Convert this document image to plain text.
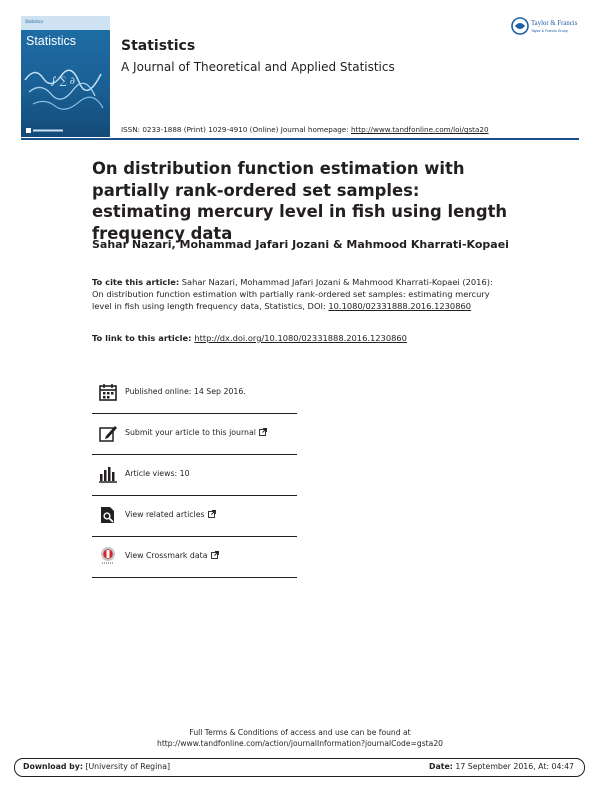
Statistics
Statistics
∫ ∑ ∂
Statistics
A Journal of Theoretical and Applied Statistics
Taylor & Francis
Taylor & Francis Group
ISSN: 0233-1888 (Print) 1029-4910 (Online) Journal homepage: http://www.tandfonline.com/loi/gsta20
On distribution function estimation with partially rank-ordered set samples: estimating mercury level in fish using length frequency data
Sahar Nazari, Mohammad Jafari Jozani & Mahmood Kharrati-Kopaei
To cite this article: Sahar Nazari, Mohammad Jafari Jozani & Mahmood Kharrati-Kopaei (2016): On distribution function estimation with partially rank-ordered set samples: estimating mercury level in fish using length frequency data, Statistics, DOI: 10.1080/02331888.2016.1230860
To link to this article: http://dx.doi.org/10.1080/02331888.2016.1230860
Published online: 14 Sep 2016.
Submit your article to this journal
Article views: 10
View related articles
View Crossmark data
Full Terms & Conditions of access and use can be found at
http://www.tandfonline.com/action/journalInformation?journalCode=gsta20
Download by: [University of Regina]	Date: 17 September 2016, At: 04:47
